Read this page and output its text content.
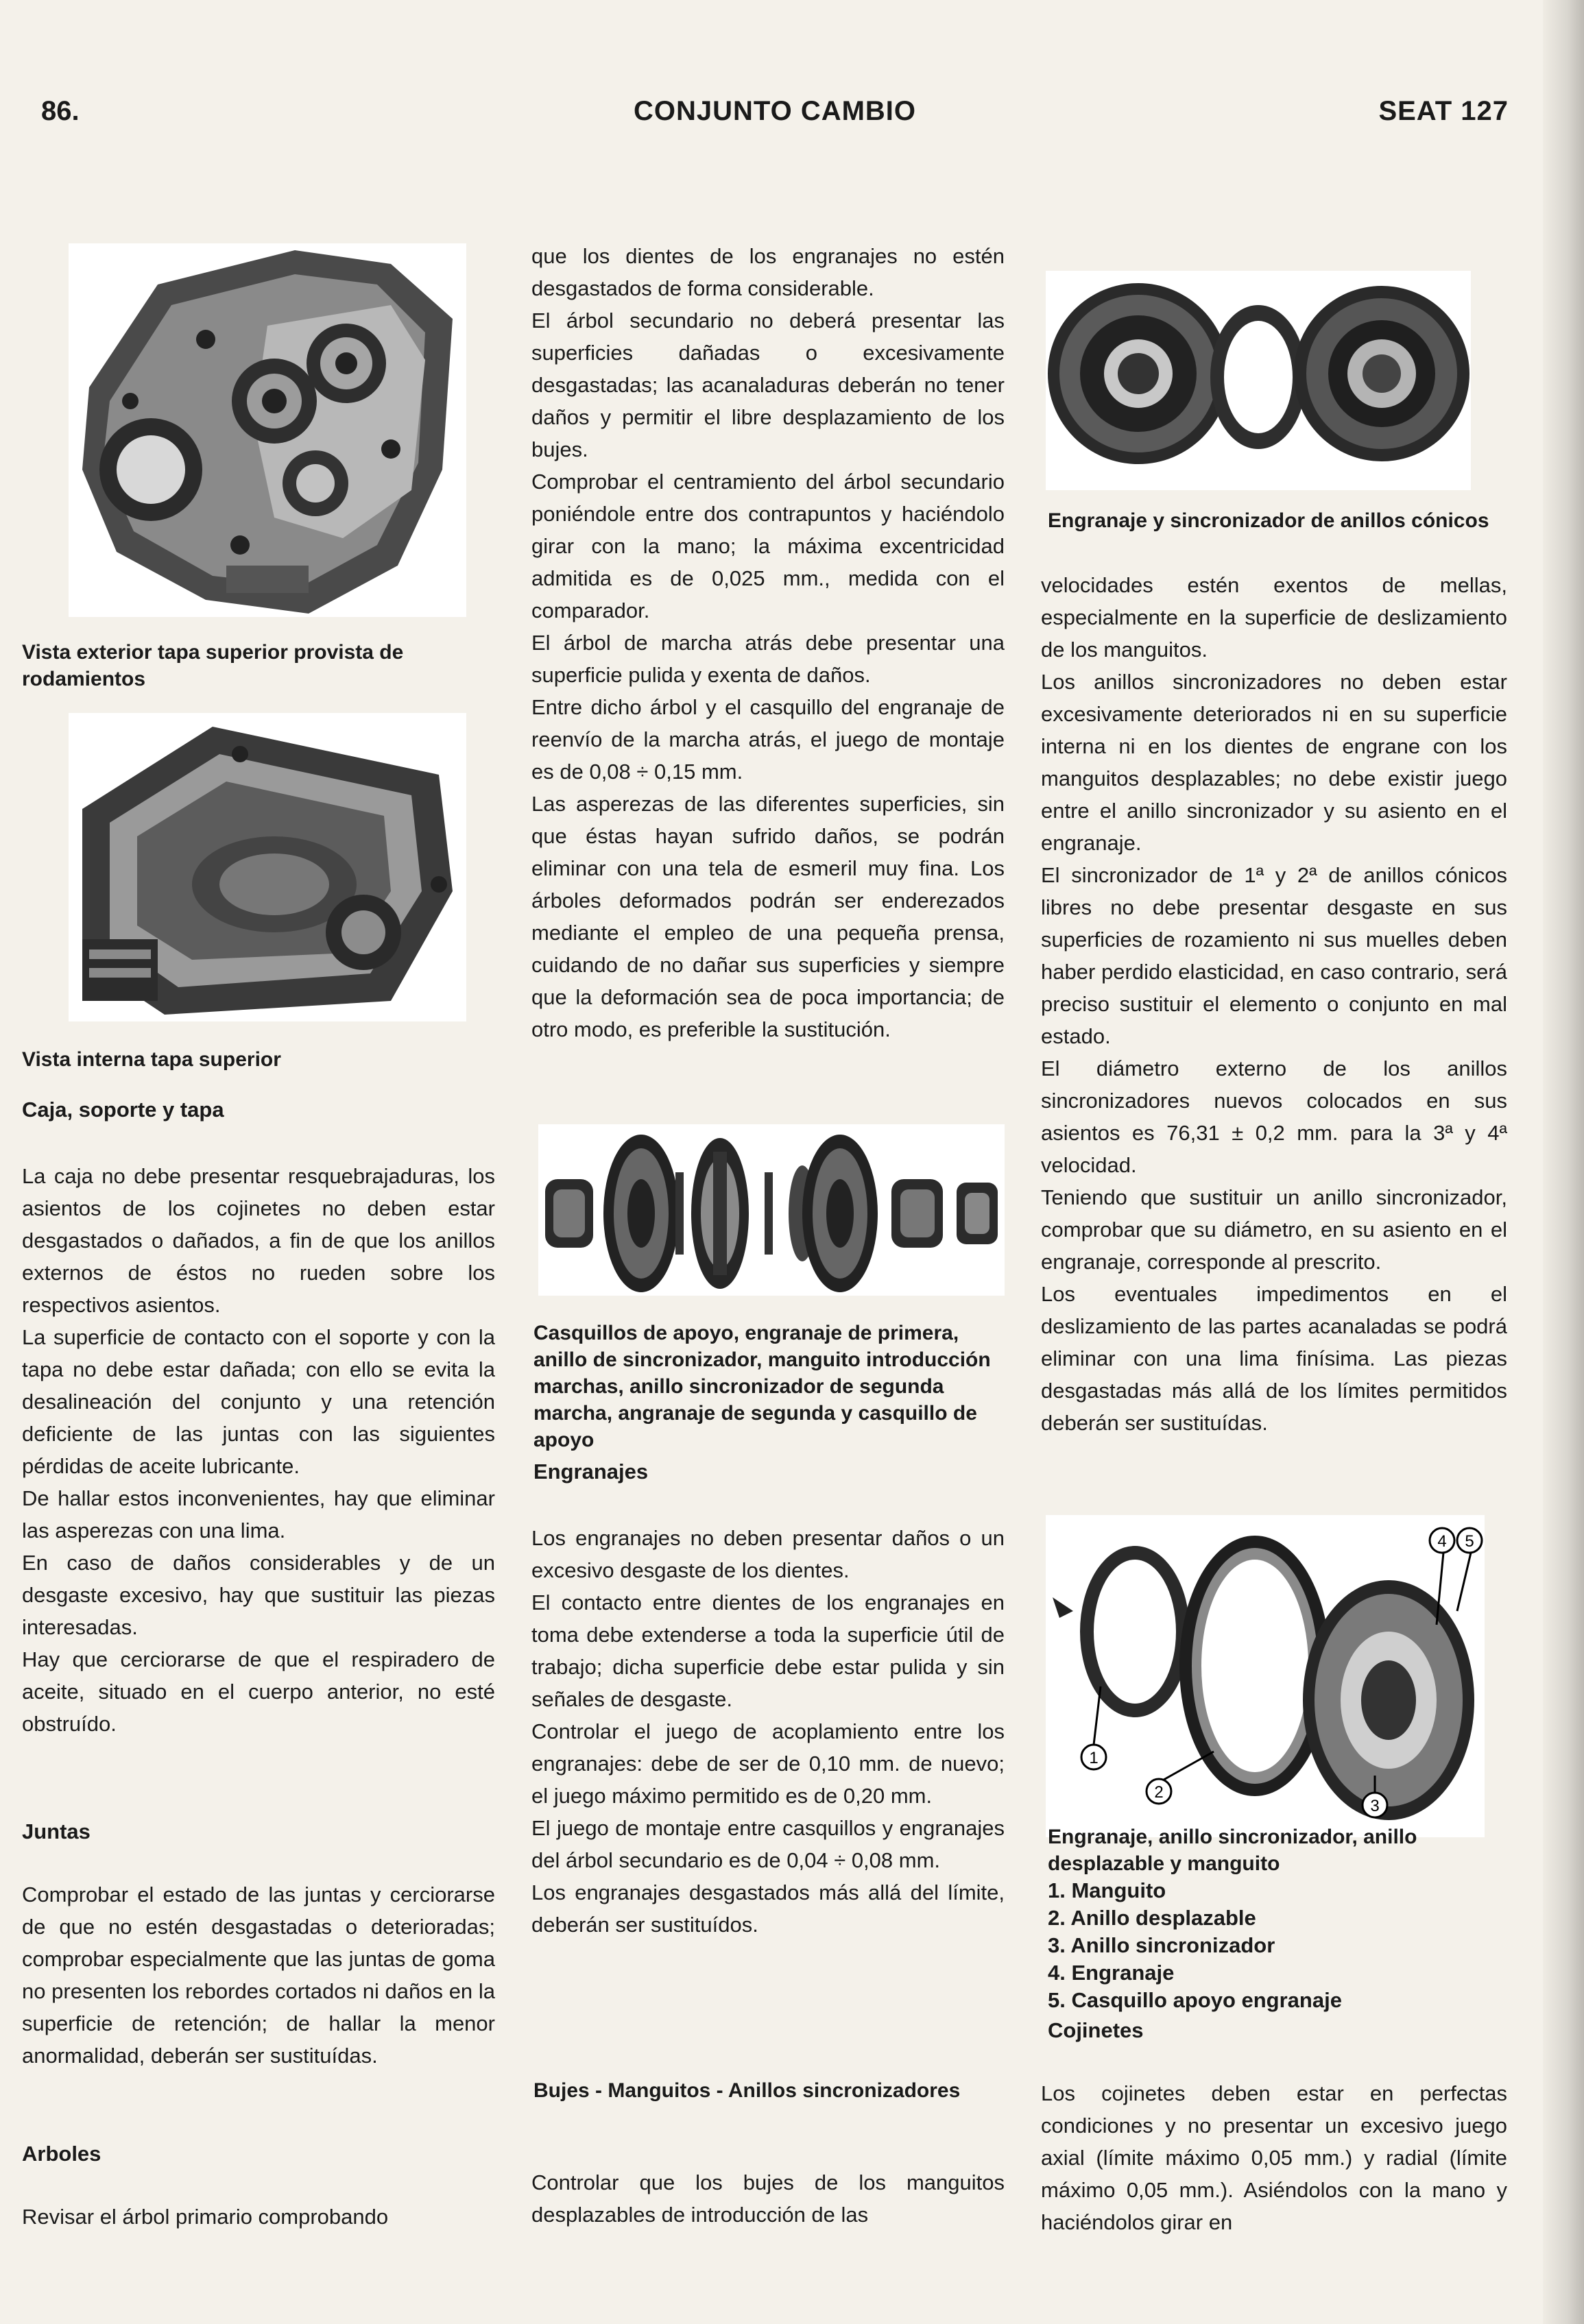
86.	CONJUNTO CAMBIO	SEAT 127

Vista exterior tapa superior provista de rodamientos

Vista interna tapa superior

Caja, soporte y tapa

La caja no debe presentar resquebrajaduras, los asientos de los cojinetes no deben estar desgastados o dañados, a fin de que los anillos externos de éstos no rueden sobre los respectivos asientos.

La superficie de contacto con el soporte y con la tapa no debe estar dañada; con ello se evita la desalineación del conjunto y una retención deficiente de las juntas con las siguientes pérdidas de aceite lubricante.

De hallar estos inconvenientes, hay que eliminar las asperezas con una lima.

En caso de daños considerables y de un desgaste excesivo, hay que sustituir las piezas interesadas.

Hay que cerciorarse de que el respiradero de aceite, situado en el cuerpo anterior, no esté obstruído.

Juntas

Comprobar el estado de las juntas y cerciorarse de que no estén desgastadas o deterioradas; comprobar especialmente que las juntas de goma no presenten los rebordes cortados ni daños en la superficie de retención; de hallar la menor anormalidad, deberán ser sustituídas.

Arboles

Revisar el árbol primario comprobando

que los dientes de los engranajes no estén desgastados de forma considerable.

El árbol secundario no deberá presentar las superficies dañadas o excesivamente desgastadas; las acanaladuras deberán no tener daños y permitir el libre desplazamiento de los bujes.

Comprobar el centramiento del árbol secundario poniéndole entre dos contrapuntos y haciéndolo girar con la mano; la máxima excentricidad admitida es de 0,025 mm., medida con el comparador.

El árbol de marcha atrás debe presentar una superficie pulida y exenta de daños.

Entre dicho árbol y el casquillo del engranaje de reenvío de la marcha atrás, el juego de montaje es de 0,08 ÷ 0,15 mm.

Las asperezas de las diferentes superficies, sin que éstas hayan sufrido daños, se podrán eliminar con una tela de esmeril muy fina. Los árboles deformados podrán ser enderezados mediante el empleo de una pequeña prensa, cuidando de no dañar sus superficies y siempre que la deformación sea de poca importancia; de otro modo, es preferible la sustitución.

Casquillos de apoyo, engranaje de primera, anillo de sincronizador, manguito introducción marchas, anillo sincronizador de segunda marcha, angranaje de segunda y casquillo de apoyo

Engranajes

Los engranajes no deben presentar daños o un excesivo desgaste de los dientes.

El contacto entre dientes de los engranajes en toma debe extenderse a toda la superficie útil de trabajo; dicha superficie debe estar pulida y sin señales de desgaste.

Controlar el juego de acoplamiento entre los engranajes: debe de ser de 0,10 mm. de nuevo; el juego máximo permitido es de 0,20 mm.

El juego de montaje entre casquillos y engranajes del árbol secundario es de 0,04 ÷ 0,08 mm.

Los engranajes desgastados más allá del límite, deberán ser sustituídos.

Bujes - Manguitos - Anillos sincronizadores

Controlar que los bujes de los manguitos desplazables de introducción de las

Engranaje y sincronizador de anillos cónicos

velocidades estén exentos de mellas, especialmente en la superficie de deslizamiento de los manguitos.

Los anillos sincronizadores no deben estar excesivamente deteriorados ni en su superficie interna ni en los dientes de engrane con los manguitos desplazables; no debe existir juego entre el anillo sincronizador y su asiento en el engranaje.

El sincronizador de 1ª y 2ª de anillos cónicos libres no debe presentar desgaste en sus superficies de rozamiento ni sus muelles deben haber perdido elasticidad, en caso contrario, será preciso sustituir el elemento o conjunto en mal estado.

El diámetro externo de los anillos sincronizadores nuevos colocados en sus asientos es 76,31 ± 0,2 mm. para la 3ª y 4ª velocidad.

Teniendo que sustituir un anillo sincronizador, comprobar que su diámetro, en su asiento en el engranaje, corresponde al prescrito.

Los eventuales impedimentos en el deslizamiento de las partes acanaladas se podrá eliminar con una lima finísima. Las piezas desgastadas más allá de los límites permitidos deberán ser sustituídas.

1
2
3
4 5

Engranaje, anillo sincronizador, anillo desplazable y manguito

1. Manguito
2. Anillo desplazable
3. Anillo sincronizador
4. Engranaje
5. Casquillo apoyo engranaje

Cojinetes

Los cojinetes deben estar en perfectas condiciones y no presentar un excesivo juego axial (límite máximo 0,05 mm.) y radial (límite máximo 0,05 mm.). Asiéndolos con la mano y haciéndolos girar en
